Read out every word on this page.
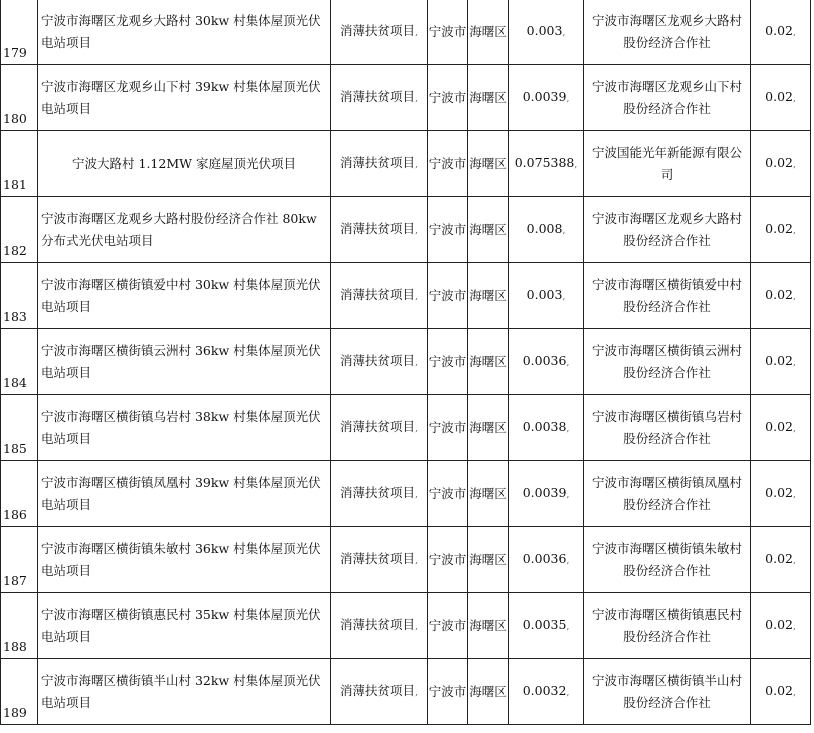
179	宁波市海曙区龙观乡大路村 30kw 村集体屋顶光伏电站项目	消薄扶贫项目,	宁波市	海曙区	0.003,	宁波市海曙区龙观乡大路村股份经济合作社	0.02,
180	宁波市海曙区龙观乡山下村 39kw 村集体屋顶光伏电站项目	消薄扶贫项目,	宁波市	海曙区	0.0039,	宁波市海曙区龙观乡山下村股份经济合作社	0.02,
181	宁波大路村 1.12MW 家庭屋顶光伏项目	消薄扶贫项目,	宁波市	海曙区	0.075388,	宁波国能光年新能源有限公司	0.02,
182	宁波市海曙区龙观乡大路村股份经济合作社 80kw 分布式光伏电站项目	消薄扶贫项目,	宁波市	海曙区	0.008,	宁波市海曙区龙观乡大路村股份经济合作社	0.02,
183	宁波市海曙区横街镇爱中村 30kw 村集体屋顶光伏电站项目	消薄扶贫项目,	宁波市	海曙区	0.003,	宁波市海曙区横街镇爱中村股份经济合作社	0.02,
184	宁波市海曙区横街镇云洲村 36kw 村集体屋顶光伏电站项目	消薄扶贫项目,	宁波市	海曙区	0.0036,	宁波市海曙区横街镇云洲村股份经济合作社	0.02,
185	宁波市海曙区横街镇乌岩村 38kw 村集体屋顶光伏电站项目	消薄扶贫项目,	宁波市	海曙区	0.0038,	宁波市海曙区横街镇乌岩村股份经济合作社	0.02,
186	宁波市海曙区横街镇凤凰村 39kw 村集体屋顶光伏电站项目	消薄扶贫项目,	宁波市	海曙区	0.0039,	宁波市海曙区横街镇凤凰村股份经济合作社	0.02,
187	宁波市海曙区横街镇朱敏村 36kw 村集体屋顶光伏电站项目	消薄扶贫项目,	宁波市	海曙区	0.0036,	宁波市海曙区横街镇朱敏村股份经济合作社	0.02,
188	宁波市海曙区横街镇惠民村 35kw 村集体屋顶光伏电站项目	消薄扶贫项目,	宁波市	海曙区	0.0035,	宁波市海曙区横街镇惠民村股份经济合作社	0.02,
189	宁波市海曙区横街镇半山村 32kw 村集体屋顶光伏电站项目	消薄扶贫项目,	宁波市	海曙区	0.0032,	宁波市海曙区横街镇半山村股份经济合作社	0.02,
